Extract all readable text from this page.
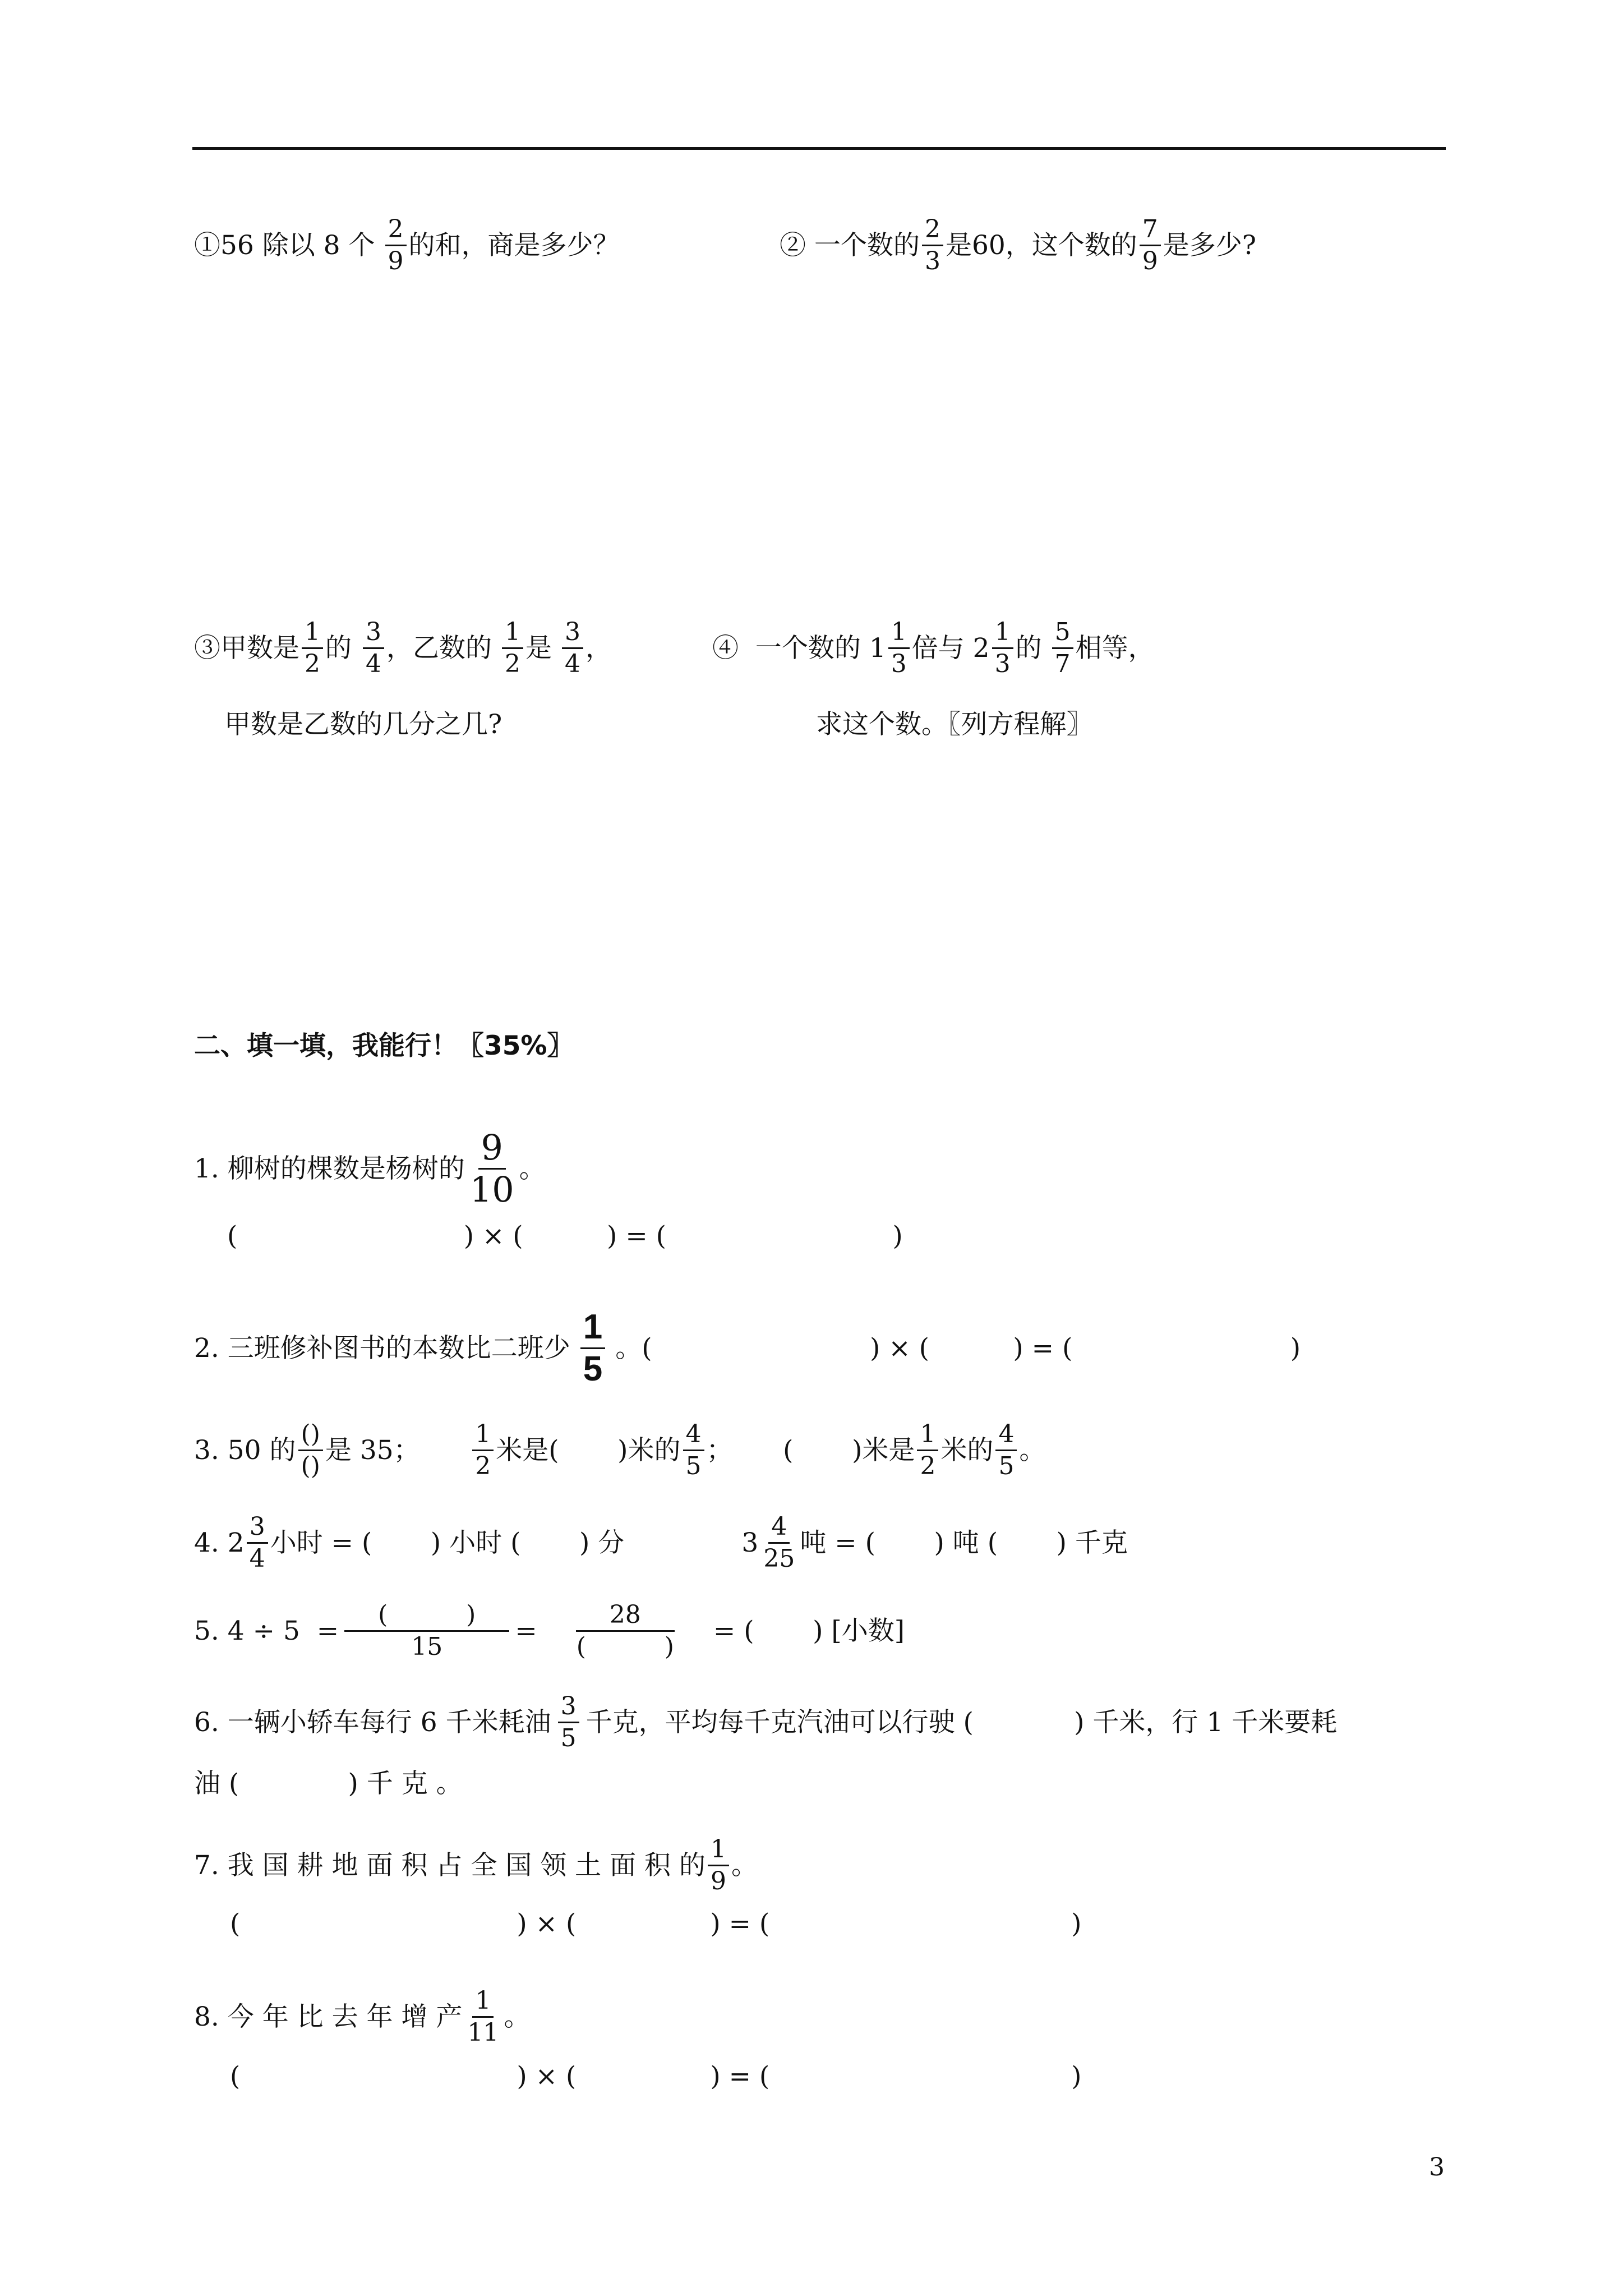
①56 除以 8 个 $\frac{2}{9}$ 的和，商是多少？	② 一个数的 $\frac{2}{3}$ 是60，这个数的 $\frac{7}{9}$ 是多少?
③甲数是 $\frac{1}{2}$ 的 $\frac{3}{4}$ ，乙数的 $\frac{1}{2}$ 是 $\frac{3}{4}$ ，
甲数是乙数的几分之几?
④  一个数的 $1 \frac{1}{3}$ 倍与 $2 \frac{1}{3}$ 的 $\frac{5}{7}$ 相等，
求这个数。〖列方程解〗
二、填一填，我能行！〖35%〗
1. 柳树的棵数是杨树的 $\frac{9}{10}$ 。
(                           ) × (          ) = (                           )
2. 三班修补图书的本数比二班少 $\frac{1}{5}$ 。(                          ) × (          ) = (                          )
3. 50 的 $\frac{()}{()}$ 是 35； $\frac{1}{2}$ 米是(       )米的 $\frac{4}{5}$ ；      (       )米是 $\frac{1}{2}$ 米的 $\frac{4}{5}$ 。
4. $2 \frac{3}{4}$ 小时 = (       ) 小时 (       ) 分              $3 \frac{4}{25}$ 吨 = (       ) 吨 (       ) 千克
5. $4 \div 5 = \frac{( )}{15} = \frac{28}{( )}$ = (       ) [小数]
6. 一辆小轿车每行 6 千米耗油 $\frac{3}{5}$ 千克，平均每千克汽油可以行驶 (            ) 千米，行 1 千米要耗
油 (             ) 千 克 。
7. 我 国 耕 地 面 积 占 全 国 领 土 面 积 的 $\frac{1}{9}$ 。
(                                 ) × (                ) = (                                    )
8. 今 年 比 去 年 增 产 $\frac{1}{11}$ 。
(                                 ) × (                ) = (                                    )
3
